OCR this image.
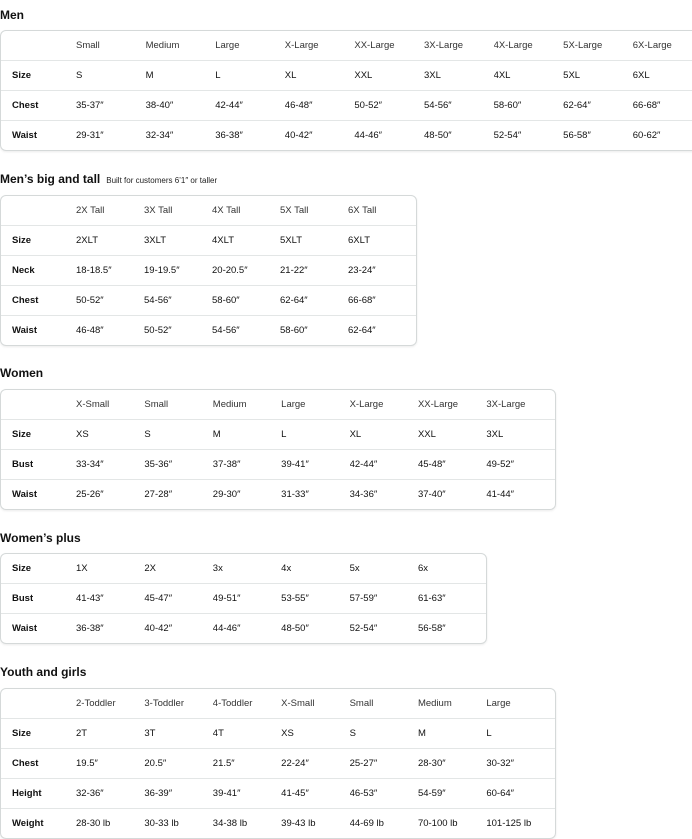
Men
	Small	Medium	Large	X-Large	XX-Large	3X-Large	4X-Large	5X-Large	6X-Large
Size	S	M	L	XL	XXL	3XL	4XL	5XL	6XL
Chest	35-37″	38-40″	42-44″	46-48″	50-52″	54-56″	58-60″	62-64″	66-68″
Waist	29-31″	32-34″	36-38″	40-42″	44-46″	48-50″	52-54″	56-58″	60-62″
Men’s big and tall Built for customers 6’1″ or taller
	2X Tall	3X Tall	4X Tall	5X Tall	6X Tall
Size	2XLT	3XLT	4XLT	5XLT	6XLT
Neck	18-18.5″	19-19.5″	20-20.5″	21-22″	23-24″
Chest	50-52″	54-56″	58-60″	62-64″	66-68″
Waist	46-48″	50-52″	54-56″	58-60″	62-64″
Women
	X-Small	Small	Medium	Large	X-Large	XX-Large	3X-Large
Size	XS	S	M	L	XL	XXL	3XL
Bust	33-34″	35-36″	37-38″	39-41″	42-44″	45-48″	49-52″
Waist	25-26″	27-28″	29-30″	31-33″	34-36″	37-40″	41-44″
Women’s plus
Size	1X	2X	3x	4x	5x	6x
Bust	41-43″	45-47″	49-51″	53-55″	57-59″	61-63″
Waist	36-38″	40-42″	44-46″	48-50″	52-54″	56-58″
Youth and girls
	2-Toddler	3-Toddler	4-Toddler	X-Small	Small	Medium	Large
Size	2T	3T	4T	XS	S	M	L
Chest	19.5″	20.5″	21.5″	22-24″	25-27″	28-30″	30-32″
Height	32-36″	36-39″	39-41″	41-45″	46-53″	54-59″	60-64″
Weight	28-30 lb	30-33 lb	34-38 lb	39-43 lb	44-69 lb	70-100 lb	101-125 lb
